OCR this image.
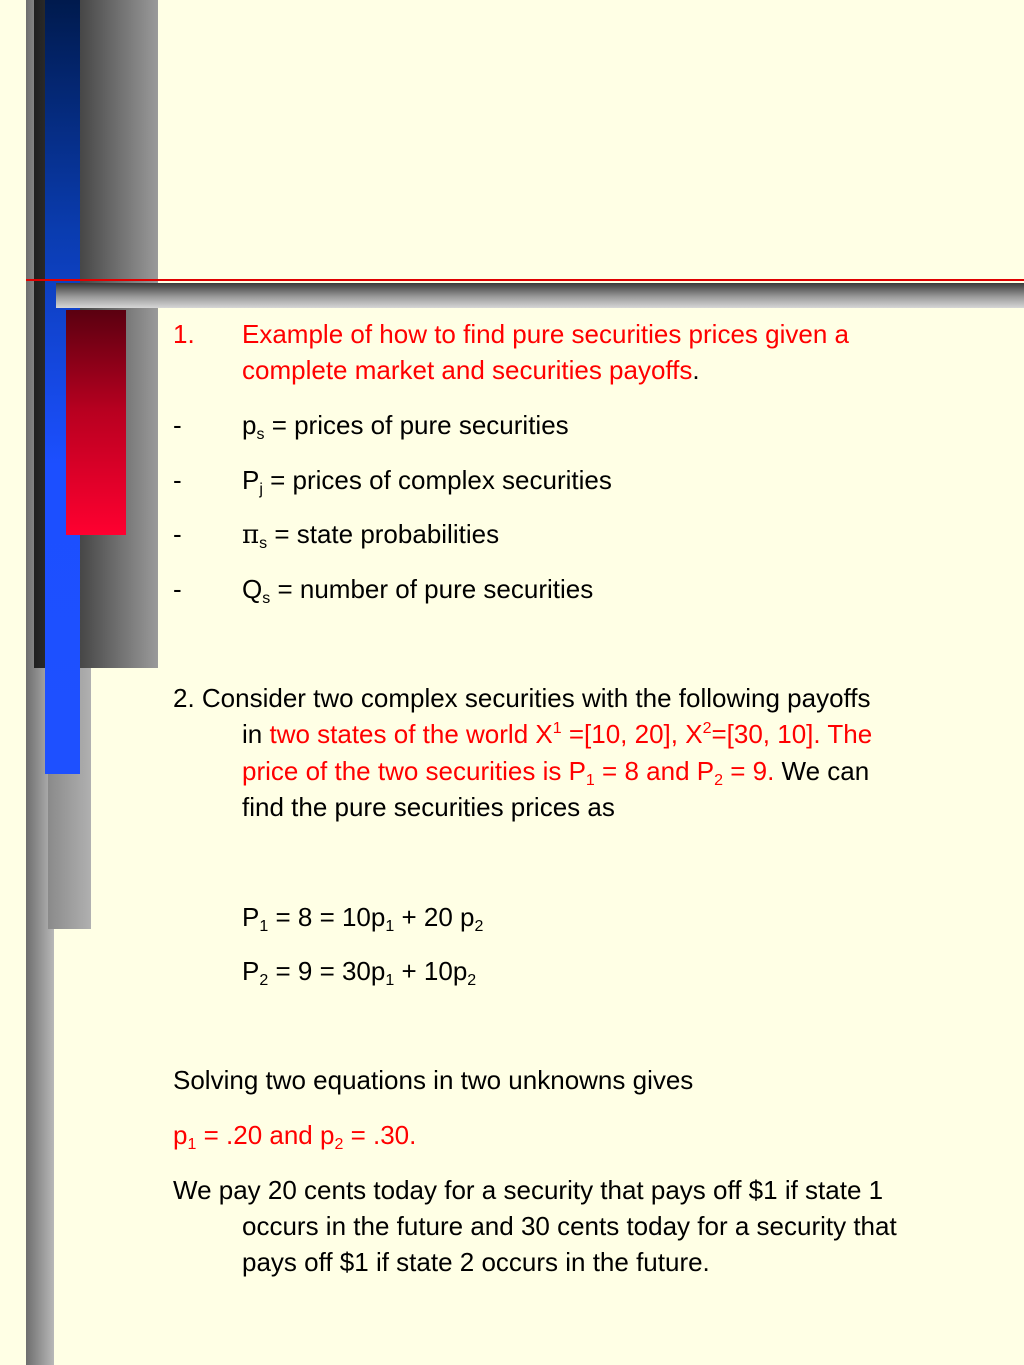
1. Example of how to find pure securities prices given a
complete market and securities payoffs.
- $p_s$ = prices of pure securities
- $P_j$ = prices of complex securities
- $\pi_s$ = state probabilities
- $Q_s$ = number of pure securities
2. Consider two complex securities with the following payoffs
in two states of the world $X^1 =[10$, 20], $X^2=[30$, 10]. The
price of the two securities is $P_1 = 8$ and $P_2 = 9$. We can
find the pure securities prices as
$P_1 = 8 = 10p_1 + 20$ $p_2$
$P_2 = 9 = 30p_1 + 10p_2$
Solving two equations in two unknowns gives
$p_1 = .20$ and $p_2 = .30$.
We pay 20 cents today for a security that pays off $1 if state 1
occurs in the future and 30 cents today for a security that
pays off $1 if state 2 occurs in the future.
